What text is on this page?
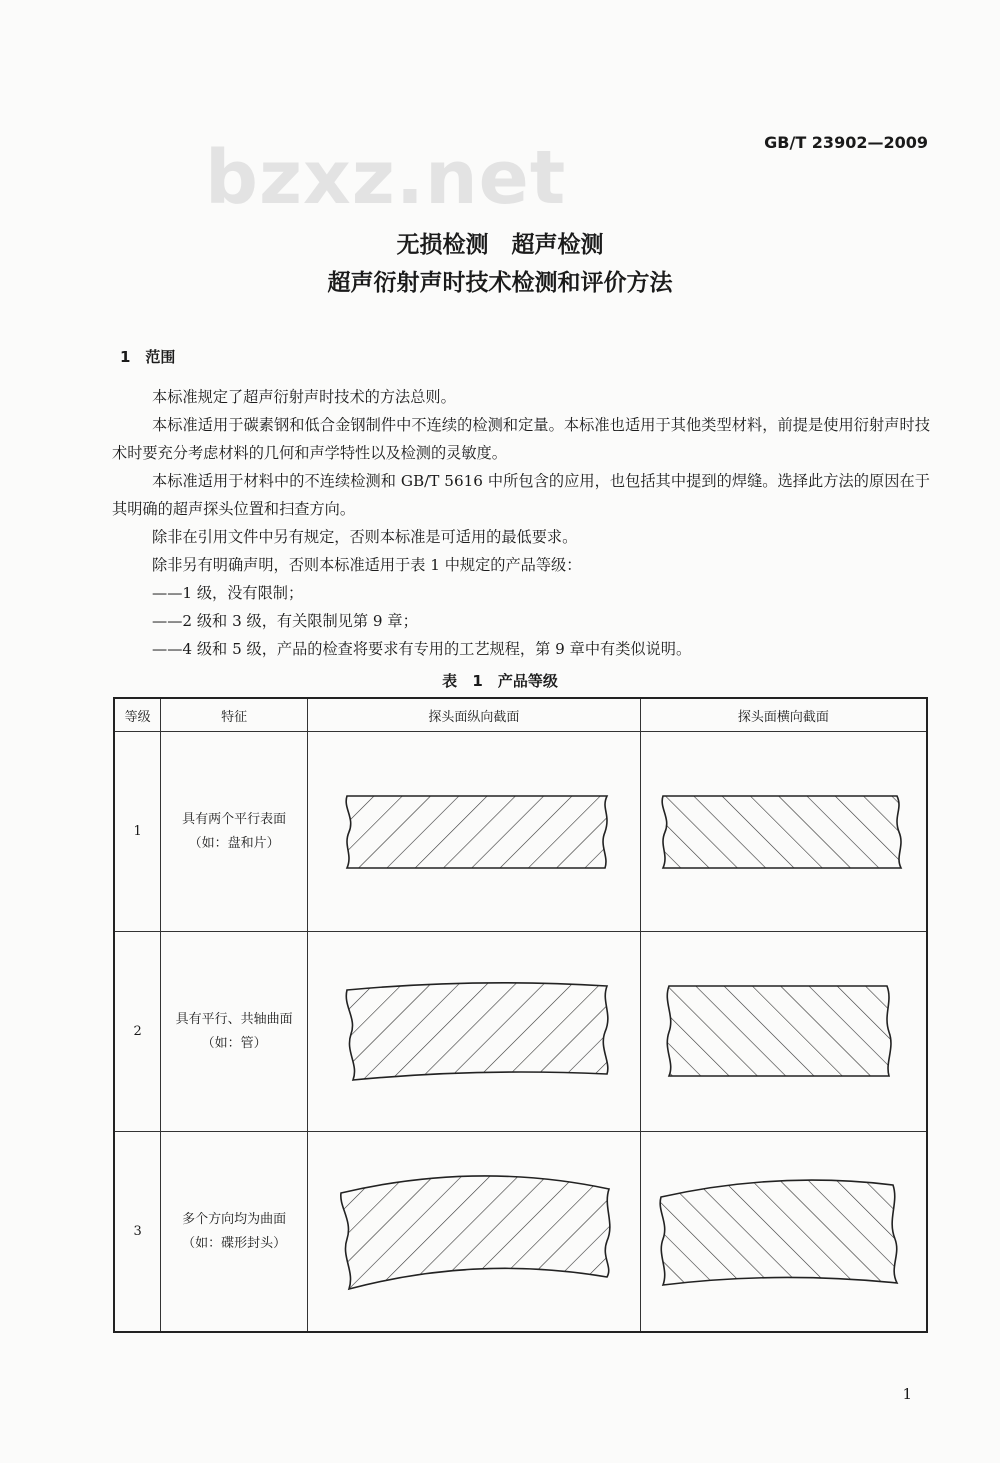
bzxz.net	GB/T 23902—2009
无损检测　超声检测
超声衍射声时技术检测和评价方法
1　范围

本标准规定了超声衍射声时技术的方法总则。

本标准适用于碳素钢和低合金钢制件中不连续的检测和定量。本标准也适用于其他类型材料，前提是使用衍射声时技术时要充分考虑材料的几何和声学特性以及检测的灵敏度。

本标准适用于材料中的不连续检测和 GB/T 5616 中所包含的应用，也包括其中提到的焊缝。选择此方法的原因在于其明确的超声探头位置和扫查方向。

除非在引用文件中另有规定，否则本标准是可适用的最低要求。

除非另有明确声明，否则本标准适用于表 1 中规定的产品等级：

——1 级，没有限制；

——2 级和 3 级，有关限制见第 9 章；

——4 级和 5 级，产品的检查将要求有专用的工艺规程，第 9 章中有类似说明。

表 1　产品等级
等级	特征	探头面纵向截面	探头面横向截面
1	具有两个平行表面
（如：盘和片）

2	具有平行、共轴曲面
（如：管）

3	多个方向均为曲面
（如：碟形封头）

1
